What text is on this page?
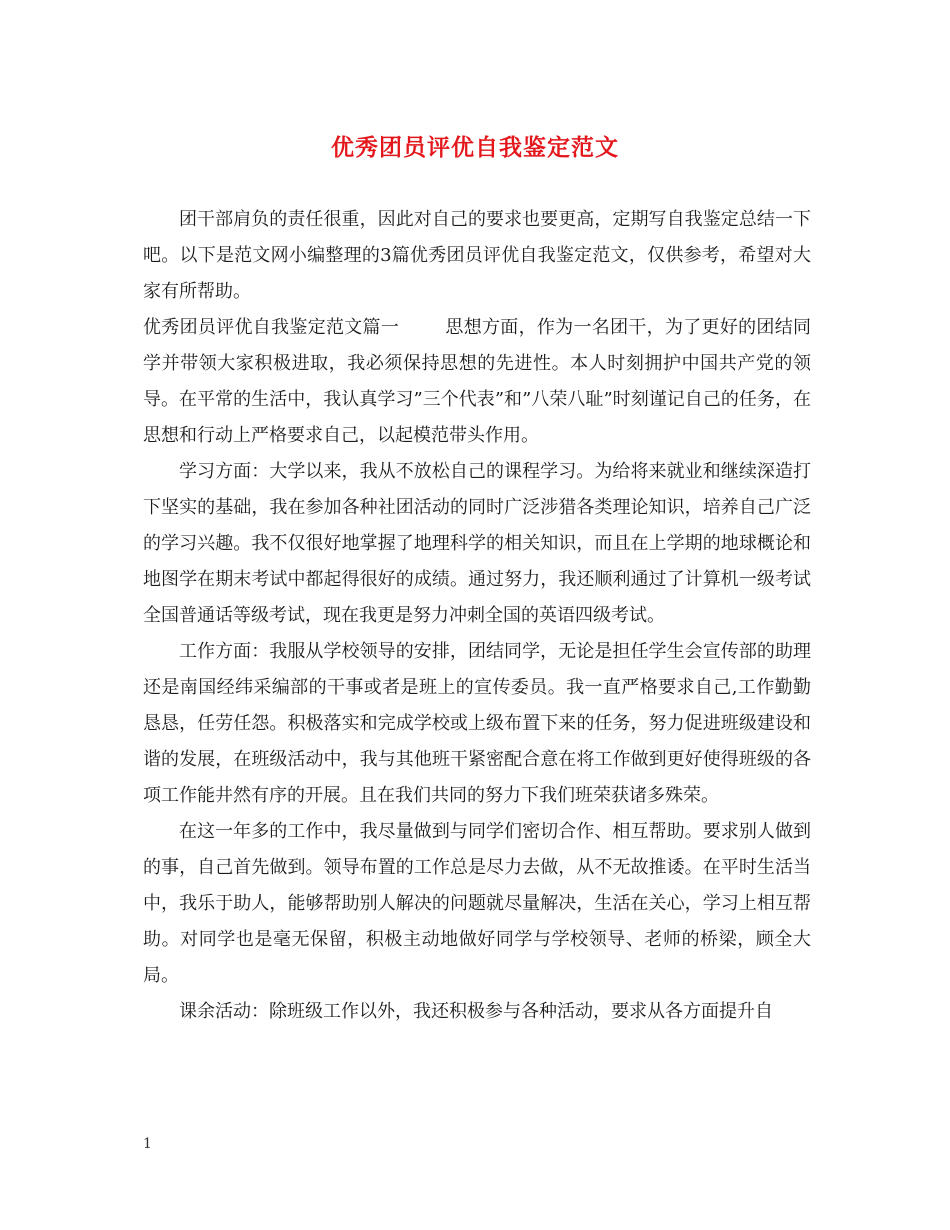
优秀团员评优自我鉴定范文

团干部肩负的责任很重，因此对自己的要求也要更高，定期写自我鉴定总结一下吧。以下是范文网小编整理的3篇优秀团员评优自我鉴定范文，仅供参考，希望对大家有所帮助。

优秀团员评优自我鉴定范文篇一	思想方面，作为一名团干，为了更好的团结同学并带领大家积极进取，我必须保持思想的先进性。本人时刻拥护中国共产党的领导。在平常的生活中，我认真学习”三个代表”和”八荣八耻”时刻谨记自己的任务，在思想和行动上严格要求自己，以起模范带头作用。

学习方面：大学以来，我从不放松自己的课程学习。为给将来就业和继续深造打下坚实的基础，我在参加各种社团活动的同时广泛涉猎各类理论知识，培养自己广泛的学习兴趣。我不仅很好地掌握了地理科学的相关知识，而且在上学期的地球概论和地图学在期末考试中都起得很好的成绩。通过努力，我还顺利通过了计算机一级考试全国普通话等级考试，现在我更是努力冲刺全国的英语四级考试。

工作方面：我服从学校领导的安排，团结同学，无论是担任学生会宣传部的助理还是南国经纬采编部的干事或者是班上的宣传委员。我一直严格要求自己,工作勤勤恳恳，任劳任怨。积极落实和完成学校或上级布置下来的任务，努力促进班级建设和谐的发展，在班级活动中，我与其他班干紧密配合意在将工作做到更好使得班级的各项工作能井然有序的开展。且在我们共同的努力下我们班荣获诸多殊荣。

在这一年多的工作中，我尽量做到与同学们密切合作、相互帮助。要求别人做到的事，自己首先做到。领导布置的工作总是尽力去做，从不无故推诿。在平时生活当中，我乐于助人，能够帮助别人解决的问题就尽量解决，生活在关心，学习上相互帮助。对同学也是毫无保留，积极主动地做好同学与学校领导、老师的桥梁，顾全大局。

课余活动：除班级工作以外，我还积极参与各种活动，要求从各方面提升自

1
